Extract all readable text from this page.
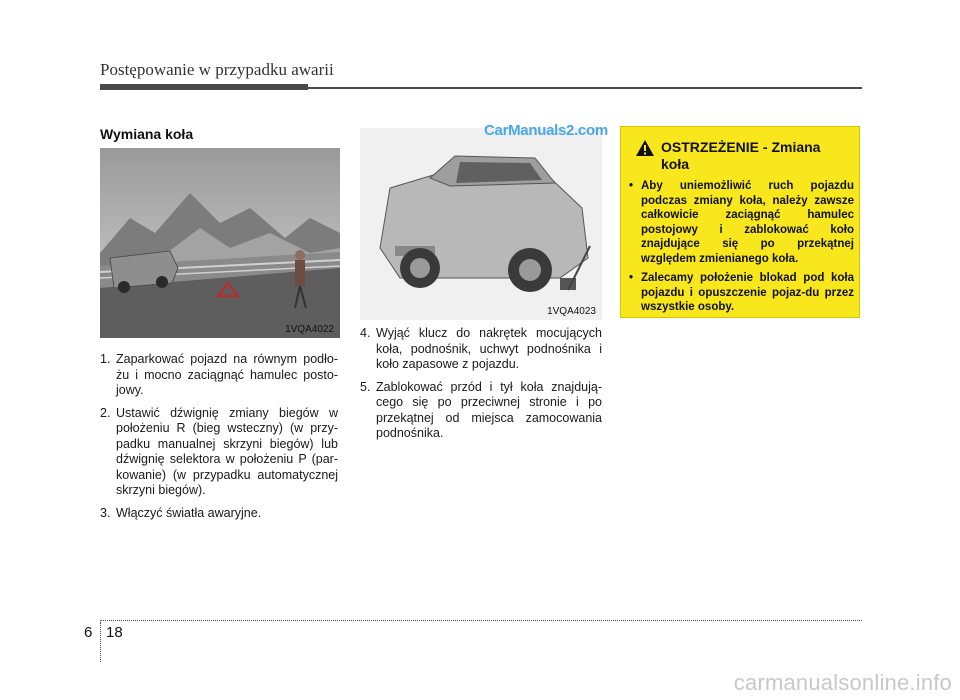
Postępowanie w przypadku awarii
Wymiana koła
1VQA4022
1VQA4023
CarManuals2.com
1. Zaparkować pojazd na równym podło-żu i mocno zaciągnąć hamulec posto-jowy.
2. Ustawić dźwignię zmiany biegów w położeniu R (bieg wsteczny) (w przy-padku manualnej skrzyni biegów) lub dźwignię selektora w położeniu P (par-kowanie) (w przypadku automatycznej skrzyni biegów).
3. Włączyć światła awaryjne.
4. Wyjąć klucz do nakrętek mocujących koła, podnośnik, uchwyt podnośnika i koło zapasowe z pojazdu.
5. Zablokować przód i tył koła znajdują-cego się po przeciwnej stronie i po przekątnej od miejsca zamocowania podnośnika.
OSTRZEŻENIE - Zmiana koła
• Aby uniemożliwić ruch pojazdu podczas zmiany koła, należy zawsze całkowicie zaciągnąć hamulec postojowy i zablokować koło znajdujące się po przekątnej względem zmienianego koła.
• Zalecamy położenie blokad pod koła pojazdu i opuszczenie pojaz-du przez wszystkie osoby.
6 18
carmanualsonline.info
